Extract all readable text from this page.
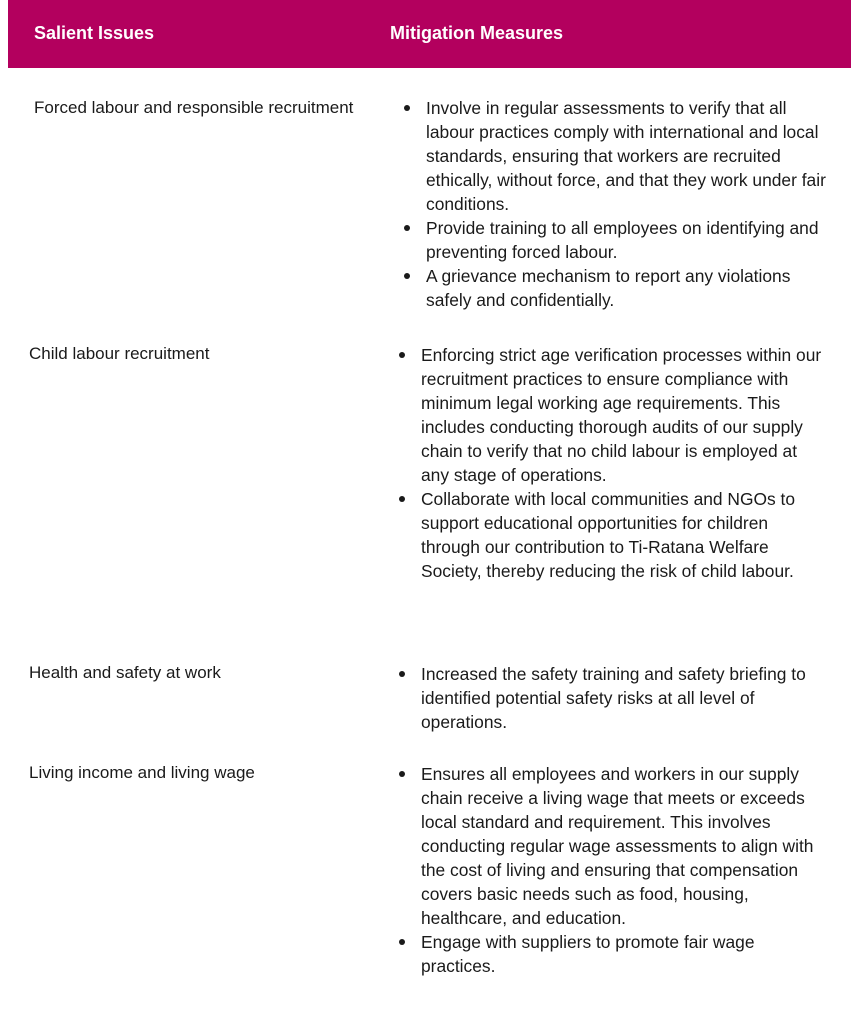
Salient Issues	Mitigation Measures
Forced labour and responsible recruitment	Involve in regular assessments to verify that all labour practices comply with international and local standards, ensuring that workers are recruited ethically, without force, and that they work under fair conditions.
Provide training to all employees on identifying and preventing forced labour.
A grievance mechanism to report any violations safely and confidentially.
Child labour recruitment	Enforcing strict age verification processes within our recruitment practices to ensure compliance with minimum legal working age requirements. This includes conducting thorough audits of our supply chain to verify that no child labour is employed at any stage of operations.
Collaborate with local communities and NGOs to support educational opportunities for children through our contribution to Ti-Ratana Welfare Society, thereby reducing the risk of child labour.
Health and safety at work	Increased the safety training and safety briefing to identified potential safety risks at all level of operations.
Living income and living wage	Ensures all employees and workers in our supply chain receive a living wage that meets or exceeds local standard and requirement. This involves conducting regular wage assessments to align with the cost of living and ensuring that compensation covers basic needs such as food, housing, healthcare, and education.
Engage with suppliers to promote fair wage practices.
